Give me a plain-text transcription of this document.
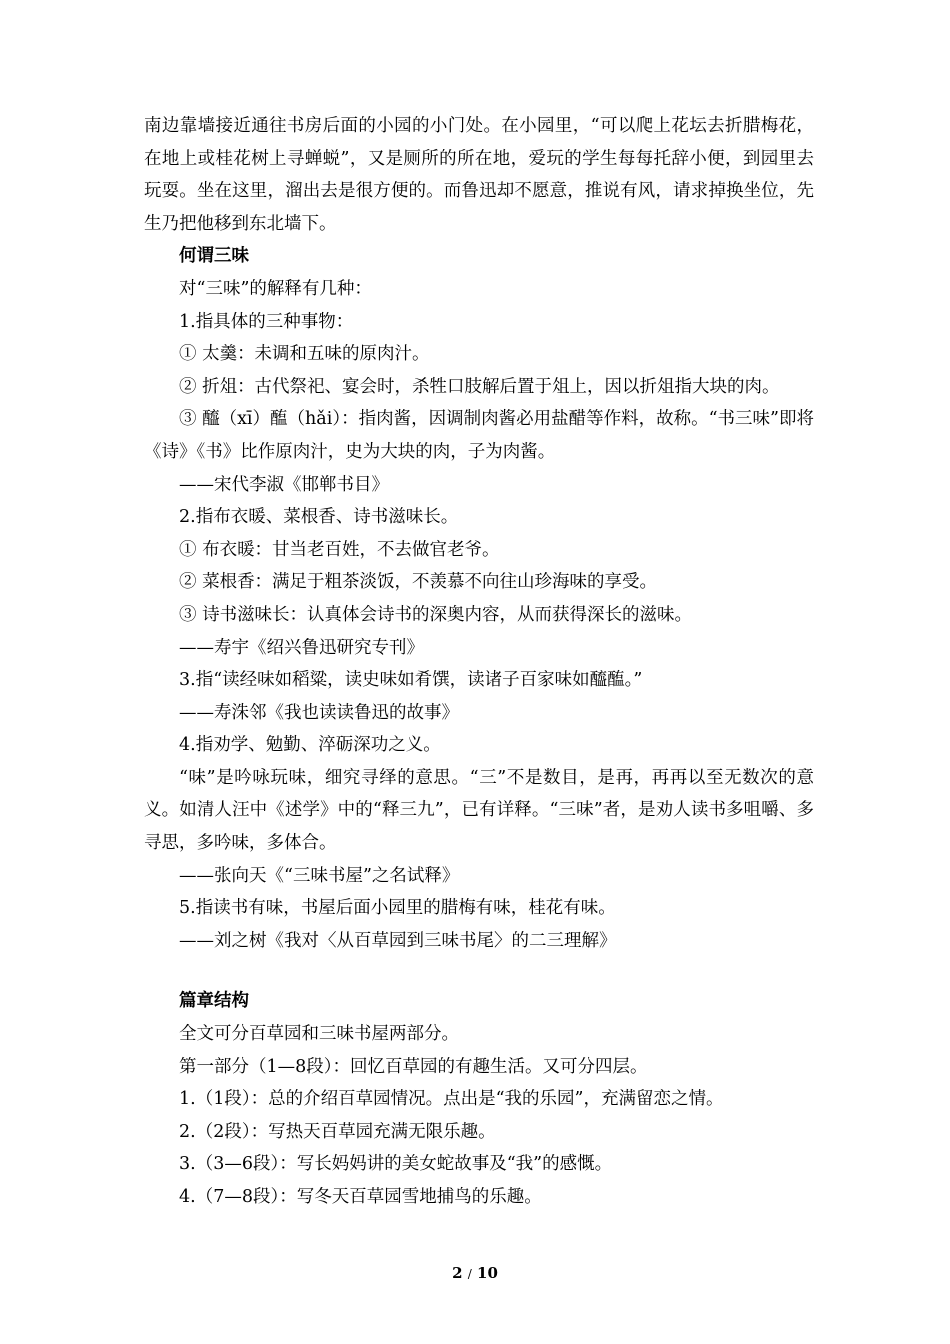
南边靠墙接近通往书房后面的小园的小门处。在小园里，“可以爬上花坛去折腊梅花，在地上或桂花树上寻蝉蜕”，又是厕所的所在地，爱玩的学生每每托辞小便，到园里去玩耍。坐在这里，溜出去是很方便的。而鲁迅却不愿意，推说有风，请求掉换坐位，先生乃把他移到东北墙下。
何谓三味
对“三味”的解释有几种：
1.指具体的三种事物：
① 太羹：未调和五味的原肉汁。
② 折俎：古代祭祀、宴会时，杀牲口肢解后置于俎上，因以折俎指大块的肉。
③ 醯（xī）醢（hǎi）：指肉酱，因调制肉酱必用盐醋等作料，故称。“书三味”即将《诗》《书》比作原肉汁，史为大块的肉，子为肉酱。
——宋代李淑《邯郸书目》
2.指布衣暖、菜根香、诗书滋味长。
① 布衣暖：甘当老百姓，不去做官老爷。
② 菜根香：满足于粗茶淡饭，不羡慕不向往山珍海味的享受。
③ 诗书滋味长：认真体会诗书的深奥内容，从而获得深长的滋味。
——寿宇《绍兴鲁迅研究专刊》
3.指“读经味如稻粱，读史味如肴馔，读诸子百家味如醯醢。”
——寿洙邻《我也读读鲁迅的故事》
4.指劝学、勉勤、淬砺深功之义。
“味”是吟咏玩味，细究寻绎的意思。“三”不是数目，是再，再再以至无数次的意义。如清人汪中《述学》中的“释三九”，已有详释。“三味”者，是劝人读书多咀嚼、多寻思，多吟味，多体合。
——张向天《“三味书屋”之名试释》
5.指读书有味，书屋后面小园里的腊梅有味，桂花有味。
——刘之树《我对〈从百草园到三味书尾〉的二三理解》
篇章结构
全文可分百草园和三味书屋两部分。
第一部分（1—8段）：回忆百草园的有趣生活。又可分四层。
1.（1段）：总的介绍百草园情况。点出是“我的乐园”，充满留恋之情。
2.（2段）：写热天百草园充满无限乐趣。
3.（3—6段）：写长妈妈讲的美女蛇故事及“我”的感慨。
4.（7—8段）：写冬天百草园雪地捕鸟的乐趣。
2 / 10
